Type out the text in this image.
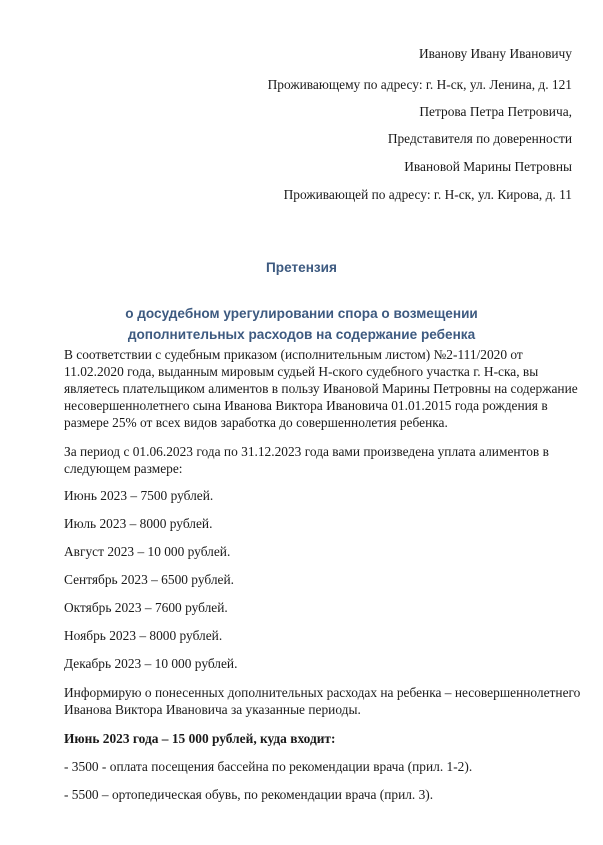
Иванову Ивану Ивановичу
Проживающему по адресу: г. Н-ск, ул. Ленина, д. 121
Петрова Петра Петровича,
Представителя по доверенности
Ивановой Марины Петровны
Проживающей по адресу: г. Н-ск, ул. Кирова, д. 11
Претензия
о досудебном урегулировании спора о возмещении
дополнительных расходов на содержание ребенка
В соответствии с судебным приказом (исполнительным листом) №2-111/2020 от
11.02.2020 года, выданным мировым судьей Н-ского судебного участка г. Н-ска, вы
являетесь плательщиком алиментов в пользу Ивановой Марины Петровны на содержание
несовершеннолетнего сына Иванова Виктора Ивановича 01.01.2015 года рождения в
размере 25% от всех видов заработка до совершеннолетия ребенка.
За период с 01.06.2023 года по 31.12.2023 года вами произведена уплата алиментов в
следующем размере:
Июнь 2023 – 7500 рублей.
Июль 2023 – 8000 рублей.
Август 2023 – 10 000 рублей.
Сентябрь 2023 – 6500 рублей.
Октябрь 2023 – 7600 рублей.
Ноябрь 2023 – 8000 рублей.
Декабрь 2023 – 10 000 рублей.
Информирую о понесенных дополнительных расходах на ребенка – несовершеннолетнего
Иванова Виктора Ивановича за указанные периоды.
Июнь 2023 года – 15 000 рублей, куда входит:
- 3500 - оплата посещения бассейна по рекомендации врача (прил. 1-2).
- 5500 – ортопедическая обувь, по рекомендации врача (прил. 3).
